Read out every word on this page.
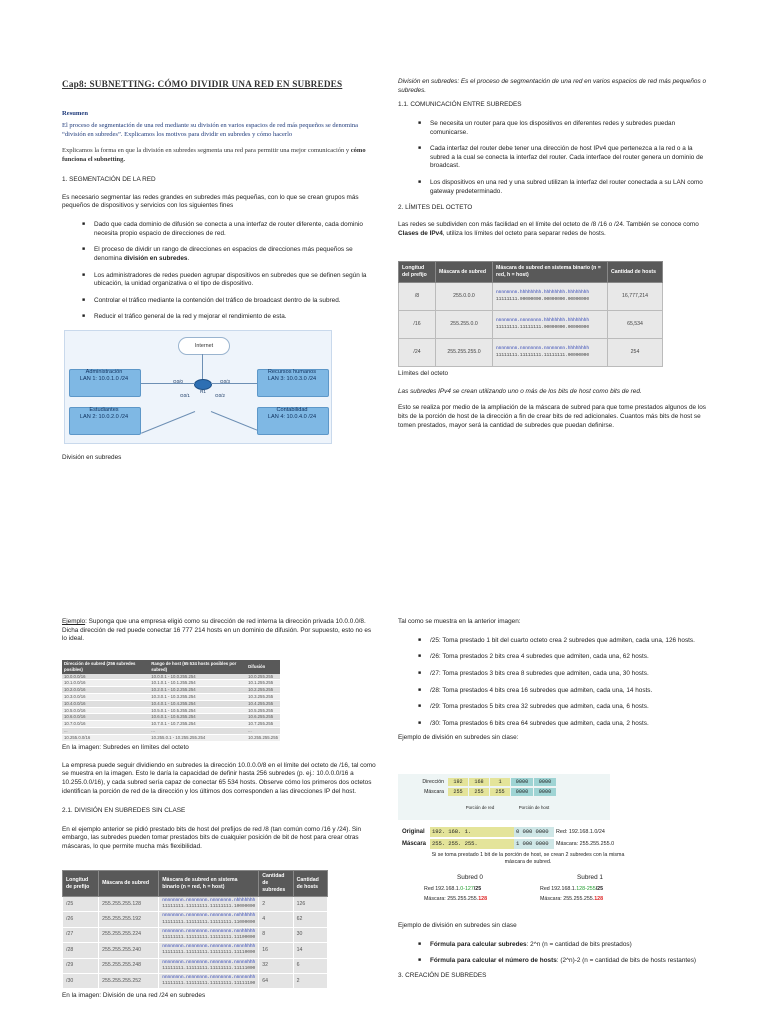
Cap8: SUBNETTING: CÓMO DIVIDIR UNA RED EN SUBREDES

Resumen

El proceso de segmentación de una red mediante su división en varios espacios de red más pequeños se denomina “división en subredes”. Explicamos los motivos para dividir en subredes y cómo hacerlo

Explicamos la forma en que la división en subredes segmenta una red para permitir una mejor comunicación y cómo funciona el subnetting.

1. SEGMENTACIÓN DE LA RED

Es necesario segmentar las redes grandes en subredes más pequeñas, con lo que se crean grupos más pequeños de dispositivos y servicios con los siguientes fines

■ Dado que cada dominio de difusión se conecta a una interfaz de router diferente, cada dominio necesita propio espacio de direcciones de red.
■ El proceso de dividir un rango de direcciones en espacios de direcciones más pequeños se denomina división en subredes.
■ Los administradores de redes pueden agrupar dispositivos en subredes que se definen según la ubicación, la unidad organizativa o el tipo de dispositivo.
■ Controlar el tráfico mediante la contención del tráfico de broadcast dentro de la subred.
■ Reducir el tráfico general de la red y mejorar el rendimiento de esta.
Internet
R1
G0/0	G0/3
G0/1	G0/2
Administración
LAN 1: 10.0.1.0 /24
Estudiantes
LAN 2: 10.0.2.0 /24
Recursos humanos
LAN 3: 10.0.3.0 /24
Contabilidad
LAN 4: 10.0.4.0 /24

División en subredes

División en subredes: Es el proceso de segmentación de una red en varios espacios de red más pequeños o subredes.

1.1. COMUNICACIÓN ENTRE SUBREDES

■ Se necesita un router para que los dispositivos en diferentes redes y subredes puedan comunicarse.
■ Cada interfaz del router debe tener una dirección de host IPv4 que pertenezca a la red o a la subred a la cual se conecta la interfaz del router. Cada interface del router genera un dominio de broadcast.
■ Los dispositivos en una red y una subred utilizan la interfaz del router conectada a su LAN como gateway predeterminado.

2. LÍMITES DEL OCTETO

Las redes se subdividen con más facilidad en el límite del octeto de /8 /16 o /24. También se conoce como Clases de IPv4, utiliza los límites del octeto para separar redes de hosts.

Longitud del prefijo	Máscara de subred	Máscara de subred en sistema binario (n = red, h = host)	Cantidad de hosts
/8	255.0.0.0	nnnnnnnn.hhhhhhhh.hhhhhhhh.hhhhhhhh
11111111.00000000.00000000.00000000	16,777,214
/16	255.255.0.0	nnnnnnnn.nnnnnnnn.hhhhhhhh.hhhhhhhh
11111111.11111111.00000000.00000000	65,534
/24	255.255.255.0	nnnnnnnn.nnnnnnnn.nnnnnnnn.hhhhhhhh
11111111.11111111.11111111.00000000	254

Límites del octeto

Las subredes IPv4 se crean utilizando uno o más de los bits de host como bits de red.

Esto se realiza por medio de la ampliación de la máscara de subred para que tome prestados algunos de los bits de la porción de host de la dirección a fin de crear bits de red adicionales. Cuantos más bits de host se tomen prestados, mayor será la cantidad de subredes que puedan definirse.

Ejemplo: Suponga que una empresa eligió como su dirección de red interna la dirección privada 10.0.0.0/8. Dicha dirección de red puede conectar 16 777 214 hosts en un dominio de difusión. Por supuesto, esto no es lo ideal.

Dirección de subred (256 subredes posibles)	Rango de host (65 534 hosts posibles por subred)	Difusión
10.0.0.0/16	10.0.0.1 - 10.0.255.254	10.0.255.255
10.1.0.0/16	10.1.0.1 - 10.1.255.254	10.1.255.255
10.2.0.0/16	10.2.0.1 - 10.2.255.254	10.2.255.255
10.3.0.0/16	10.3.0.1 - 10.3.255.254	10.3.255.255
10.4.0.0/16	10.4.0.1 - 10.4.255.254	10.4.255.255
10.5.0.0/16	10.5.0.1 - 10.5.255.254	10.5.255.255
10.6.0.0/16	10.6.0.1 - 10.6.255.254	10.6.255.255
10.7.0.0/16	10.7.0.1 - 10.7.255.254	10.7.255.255
...	...	...
10.255.0.0/16	10.255.0.1 - 10.255.255.254	10.255.255.255

En la imagen: Subredes en límites del octeto

La empresa puede seguir dividiendo en subredes la dirección 10.0.0.0/8 en el límite del octeto de /16, tal como se muestra en la imagen. Esto le daría la capacidad de definir hasta 256 subredes (p. ej.: 10.0.0.0/16 a 10.255.0.0/16), y cada subred sería capaz de conectar 65 534 hosts. Observe cómo los primeros dos octetos identifican la porción de red de la dirección y los últimos dos corresponden a las direcciones IP del host.

2.1. DIVISIÓN EN SUBREDES SIN CLASE

En el ejemplo anterior se pidió prestado bits de host del prefijos de red /8 (tan común como /16 y /24). Sin embargo, las subredes pueden tomar prestados bits de cualquier posición de bit de host para crear otras máscaras, lo que permite mucha más flexibilidad.

Longitud de prefijo	Máscara de subred	Máscara de subred en sistema binario (n = red, h = host)	Cantidad de subredes	Cantidad de hosts
/25	255.255.255.128	nnnnnnnn.nnnnnnnn.nnnnnnnn.nhhhhhhh
11111111.11111111.11111111.10000000	2	126
/26	255.255.255.192	nnnnnnnn.nnnnnnnn.nnnnnnnn.nnhhhhhh
11111111.11111111.11111111.11000000	4	62
/27	255.255.255.224	nnnnnnnn.nnnnnnnn.nnnnnnnn.nnnhhhhh
11111111.11111111.11111111.11100000	8	30
/28	255.255.255.240	nnnnnnnn.nnnnnnnn.nnnnnnnn.nnnnhhhh
11111111.11111111.11111111.11110000	16	14
/29	255.255.255.248	nnnnnnnn.nnnnnnnn.nnnnnnnn.nnnnnhhh
11111111.11111111.11111111.11111000	32	6
/30	255.255.255.252	nnnnnnnn.nnnnnnnn.nnnnnnnn.nnnnnnhh
11111111.11111111.11111111.11111100	64	2

En la imagen: División de una red /24 en subredes

Tal como se muestra en la anterior imagen:

■ /25: Toma prestado 1 bit del cuarto octeto crea 2 subredes que admiten, cada una, 126 hosts.
■ /26: Toma prestados 2 bits crea 4 subredes que admiten, cada una, 62 hosts.
■ /27: Toma prestados 3 bits crea 8 subredes que admiten, cada una, 30 hosts.
■ /28: Toma prestados 4 bits crea 16 subredes que admiten, cada una, 14 hosts.
■ /29: Toma prestados 5 bits crea 32 subredes que admiten, cada una, 6 hosts.
■ /30: Toma prestados 6 bits crea 64 subredes que admiten, cada una, 2 hosts.

Ejemplo de división en subredes sin clase:

Dirección
Máscara
192	168	1	0000	0000
255	255	255	0000	0000
Porción de red	Porción de host
Original
Máscara
192. 168. 1.	0 000 0000
255. 255. 255.	1 000 0000
Red: 192.168.1.0/24
Máscara: 255.255.255.0
Si se toma prestado 1 bit de la porción de host, se crean 2 subredes con la misma máscara de subred.
Subred 0	Subred 1
Red 192.168.1.0-127/25
Máscara: 255.255.255.128
Red 192.168.1.128-255/25
Máscara: 255.255.255.128

Ejemplo de división en subredes sin clase

■ Fórmula para calcular subredes: 2^n (n = cantidad de bits prestados)
■ Fórmula para calcular el número de hosts: (2^n)-2 (n = cantidad de bits de hosts restantes)

3. CREACIÓN DE SUBREDES
